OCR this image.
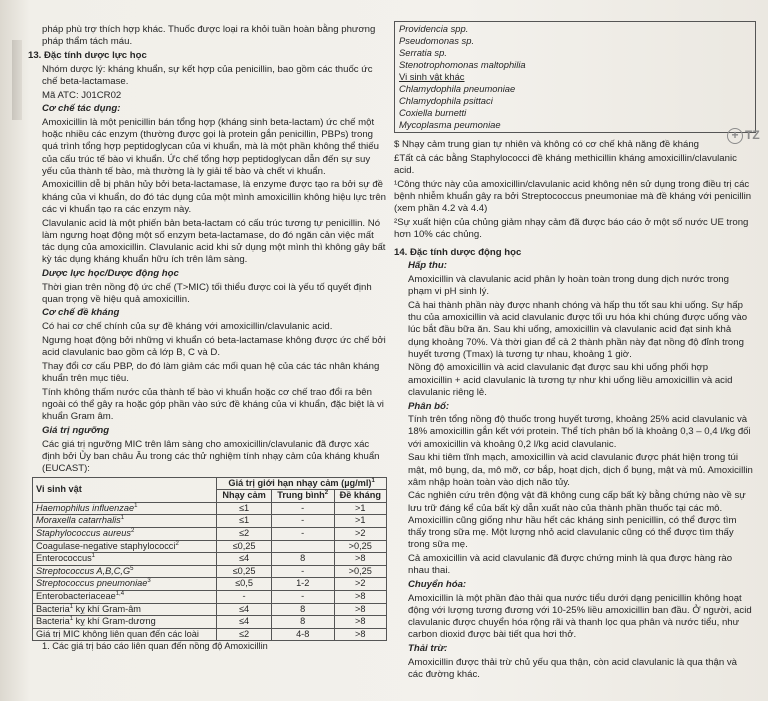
pháp phù trợ thích hợp khác. Thuốc được loại ra khỏi tuần hoàn bằng phương pháp thẩm tách máu.

13. Đặc tính dược lực học

Nhóm dược lý: kháng khuẩn, sự kết hợp của penicillin, bao gồm các thuốc ức chế beta-lactamase.

Mã ATC: J01CR02

Cơ chế tác dụng:

Amoxicillin là một penicillin bán tổng hợp (kháng sinh beta-lactam) ức chế một hoặc nhiều các enzym (thường được gọi là protein gắn penicillin, PBPs) trong quá trình tổng hợp peptidoglycan của vi khuẩn, mà là một phần không thể thiếu của cấu trúc tế bào vi khuẩn. Ức chế tổng hợp peptidoglycan dẫn đến sự suy yếu của thành tế bào, mà thường là ly giải tế bào và chết vi khuẩn.

Amoxicillin dễ bị phân hủy bởi beta-lactamase, là enzyme được tạo ra bởi sự đề kháng của vi khuẩn, do đó tác dụng của một mình amoxicillin không hiệu lực trên các vi khuẩn tạo ra các enzym này.

Clavulanic acid là một phiến bản beta-lactam có cấu trúc tương tự penicillin. Nó làm ngưng hoạt động một số enzym beta-lactamase, do đó ngăn cản việc mất tác dụng của amoxicillin. Clavulanic acid khi sử dụng một mình thì không gây bất kỳ tác dụng kháng khuẩn hữu ích trên lâm sàng.

Dược lực học/Dược động học

Thời gian trên nồng độ ức chế (T>MIC) tối thiểu được coi là yếu tố quyết định quan trọng về hiệu quả amoxicillin.

Cơ chế đề kháng

Có hai cơ chế chính của sự đề kháng với amoxicillin/clavulanic acid.

Ngưng hoạt động bởi những vi khuẩn có beta-lactamase không được ức chế bởi acid clavulanic bao gồm cả lớp B, C và D.

Thay đổi cơ cấu PBP, do đó làm giảm các mối quan hệ của các tác nhân kháng khuẩn trên mục tiêu.

Tính không thấm nước của thành tế bào vi khuẩn hoặc cơ chế trao đổi ra bên ngoài có thể gây ra hoặc góp phần vào sức đề kháng của vi khuẩn, đặc biệt là vi khuẩn Gram âm.

Giá trị ngưỡng

Các giá trị ngưỡng MIC trên lâm sàng cho amoxicillin/clavulanic đã được xác định bởi Ủy ban châu Âu trong các thử nghiệm tính nhạy cảm của kháng khuẩn (EUCAST):

Vi sinh vật	Giá trị giới hạn nhạy cảm $(\mu g/ml)^1$
	Nhạy cảm	Trung bình$^2$	Đề kháng
Haemophilus influenzae$^1$	≤1	-	>1
Moraxella catarrhalis$^1$	≤1	-	>1
Staphylococcus aureus$^2$	≤2	-	>2
Coagulase-negative staphylococci$^2$	≤0,25		>0,25
Enterococcus$^1$	≤4	8	>8
Streptococcus $A,B,C,G^5$	≤0,25	-	>0,25
Streptococcus pneumoniae$^3$	≤0,5	1-2	>2
Enterobacteriaceae$^{1,4}$	-	-	>8
Bacteria$^1$ kỵ khí Gram-âm	≤4	8	>8
Bacteria$^1$ kỵ khí Gram-dương	≤4	8	>8
Giá trị MIC không liên quan đến các loài	≤2	4-8	>8

1. Các giá trị báo cáo liên quan đến nồng độ Amoxicillin

Providencia spp.
Pseudomonas sp.
Serratia sp.
Stenotrophomonas maltophilia
Vi sinh vật khác
Chlamydophila pneumoniae
Chlamydophila psittaci
Coxiella burnetti
Mycoplasma peumoniae

$ Nhạy cảm trung gian tự nhiên và không có cơ chế khả năng đề kháng

£Tất cả các bằng Staphylococci đề kháng methicillin kháng amoxicillin/clavulanic acid.

¹Công thức này của amoxicillin/clavulanic acid không nên sử dụng trong điều trị các bệnh nhiễm khuẩn gây ra bởi Streptococcus pneumoniae mà đề kháng với penicillin (xem phần 4.2 và 4.4)

²Sự xuất hiện của chủng giảm nhạy cảm đã được báo cáo ở một số nước UE trong hơn 10% các chủng.

14. Đặc tính dược động học

Hấp thu:

Amoxicillin và clavulanic acid phân ly hoàn toàn trong dung dịch nước trong phạm vi pH sinh lý.

Cả hai thành phần này được nhanh chóng và hấp thu tốt sau khi uống. Sự hấp thu của amoxicillin và acid clavulanic được tối ưu hóa khi chúng được uống vào lúc bắt đầu bữa ăn. Sau khi uống, amoxicillin và clavulanic acid đạt sinh khả dụng khoảng 70%. Và thời gian để cả 2 thành phần này đạt nồng độ đỉnh trong huyết tương (Tmax) là tương tự nhau, khoảng 1 giờ.

Nồng độ amoxicillin và acid clavulanic đạt được sau khi uống phối hợp amoxicillin + acid clavulanic là tương tự như khi uống liều amoxicillin và acid clavulanic riêng lẻ.

Phân bố:

Tính trên tổng nồng độ thuốc trong huyết tương, khoảng 25% acid clavulanic và 18% amoxicillin gắn kết với protein. Thể tích phân bố là khoảng 0,3 – 0,4 l/kg đối với amoxicillin và khoảng 0,2 l/kg acid clavulanic.

Sau khi tiêm tĩnh mạch, amoxicillin và acid clavulanic được phát hiện trong túi mật, mô bụng, da, mô mỡ, cơ bắp, hoạt dịch, dịch ổ bụng, mật và mủ. Amoxicillin xâm nhập hoàn toàn vào dịch não tủy.

Các nghiên cứu trên động vật đã không cung cấp bất kỳ bằng chứng nào về sự lưu trữ đáng kể của bất kỳ dẫn xuất nào của thành phần thuốc tại các mô. Amoxicillin cũng giống như hầu hết các kháng sinh penicillin, có thể được tìm thấy trong sữa mẹ. Một lượng nhỏ acid clavulanic cũng có thể được tìm thấy trong sữa mẹ.

Cả amoxicillin và acid clavulanic đã được chứng minh là qua được hàng rào nhau thai.

Chuyển hóa:

Amoxicillin là một phần đào thải qua nước tiểu dưới dạng penicillin không hoạt động với lượng tương đương với 10-25% liều amoxicillin ban đầu. Ở người, acid clavulanic được chuyển hóa rộng rãi và thanh lọc qua phân và nước tiểu, như carbon dioxid được bài tiết qua hơi thở.

Thải trừ:

Amoxicillin được thải trừ chủ yếu qua thận, còn acid clavulanic là qua thận và các đường khác.

+ TZ
